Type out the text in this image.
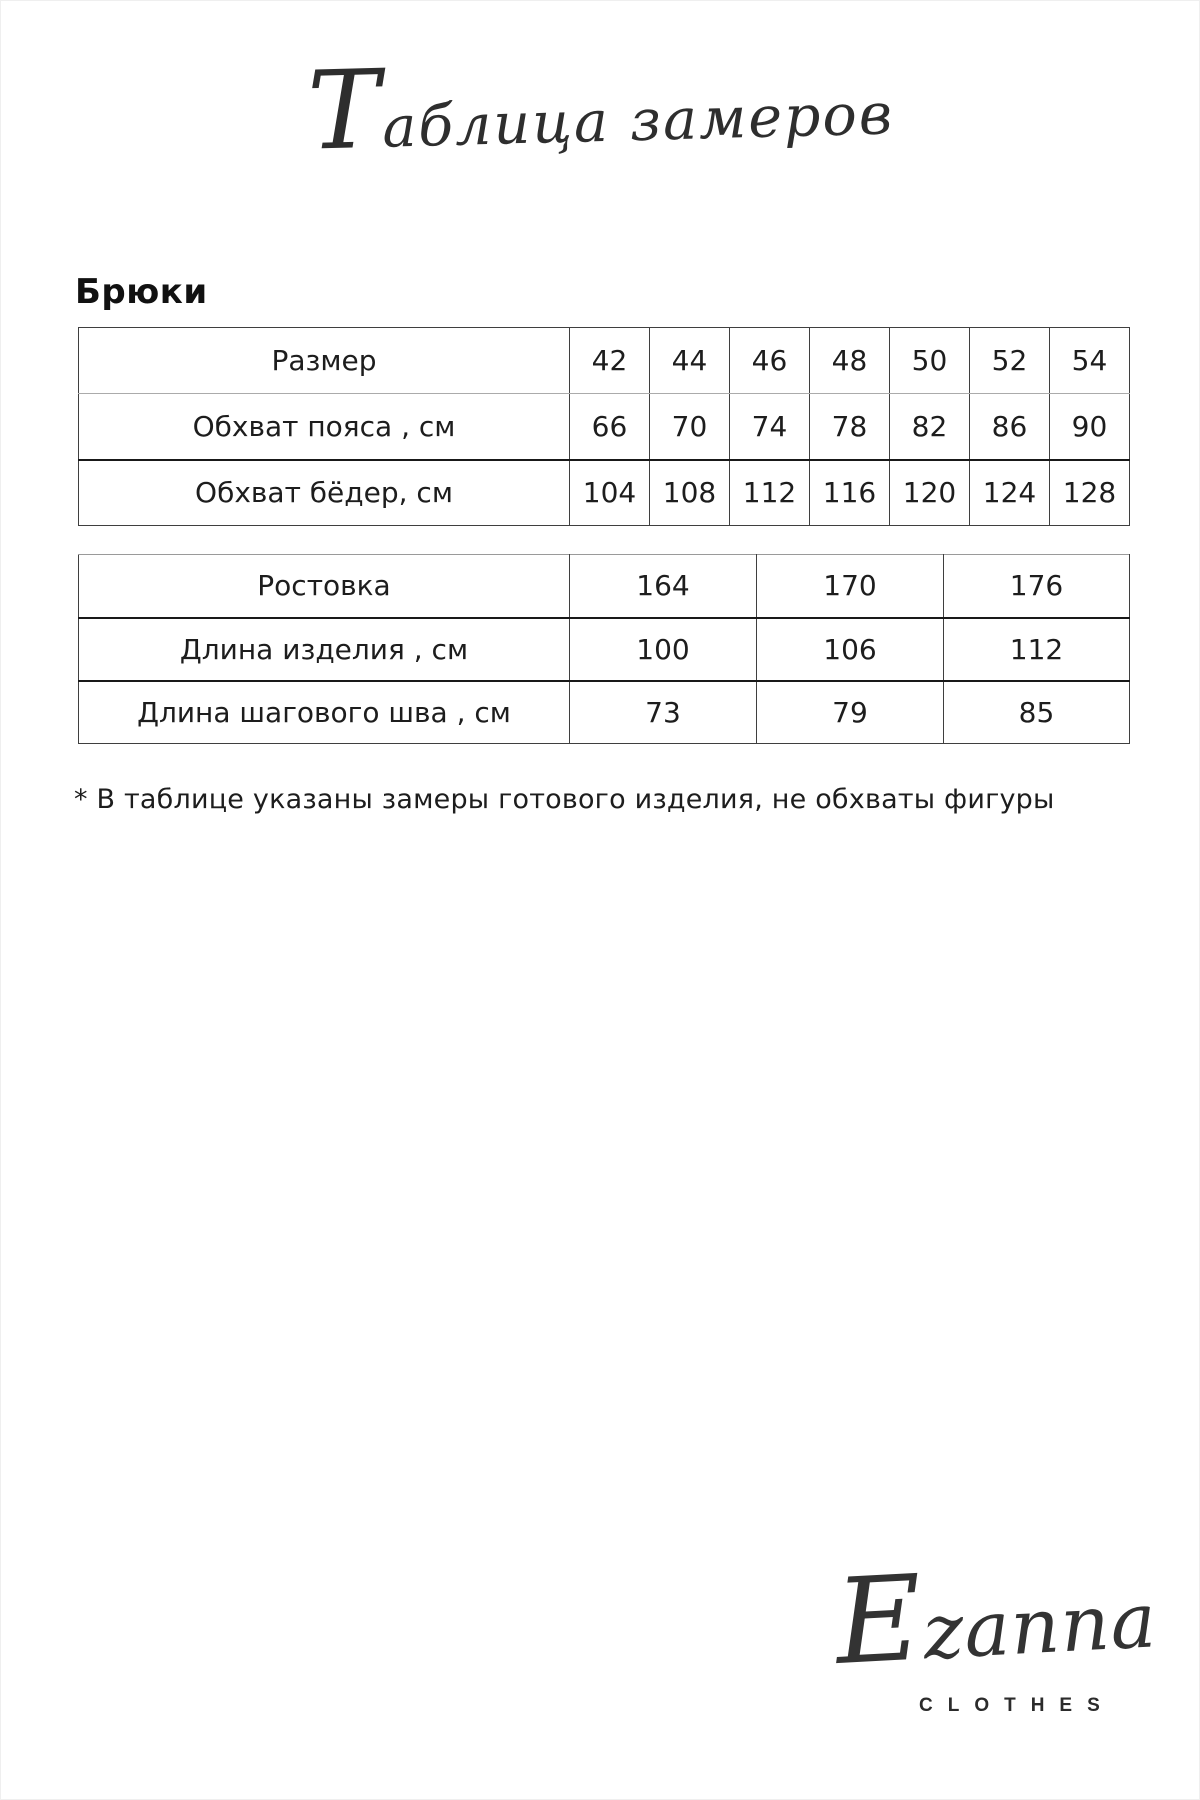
Таблица замеров
Брюки
Размер	42	44	46	48	50	52	54
Обхват пояса , см	66	70	74	78	82	86	90
Обхват бёдер, см	104	108	112	116	120	124	128
Ростовка	164	170	176
Длина изделия , см	100	106	112
Длина шагового шва , см	73	79	85
* В таблице указаны замеры готового изделия, не обхваты фигуры
Ezanna
CLOTHES
